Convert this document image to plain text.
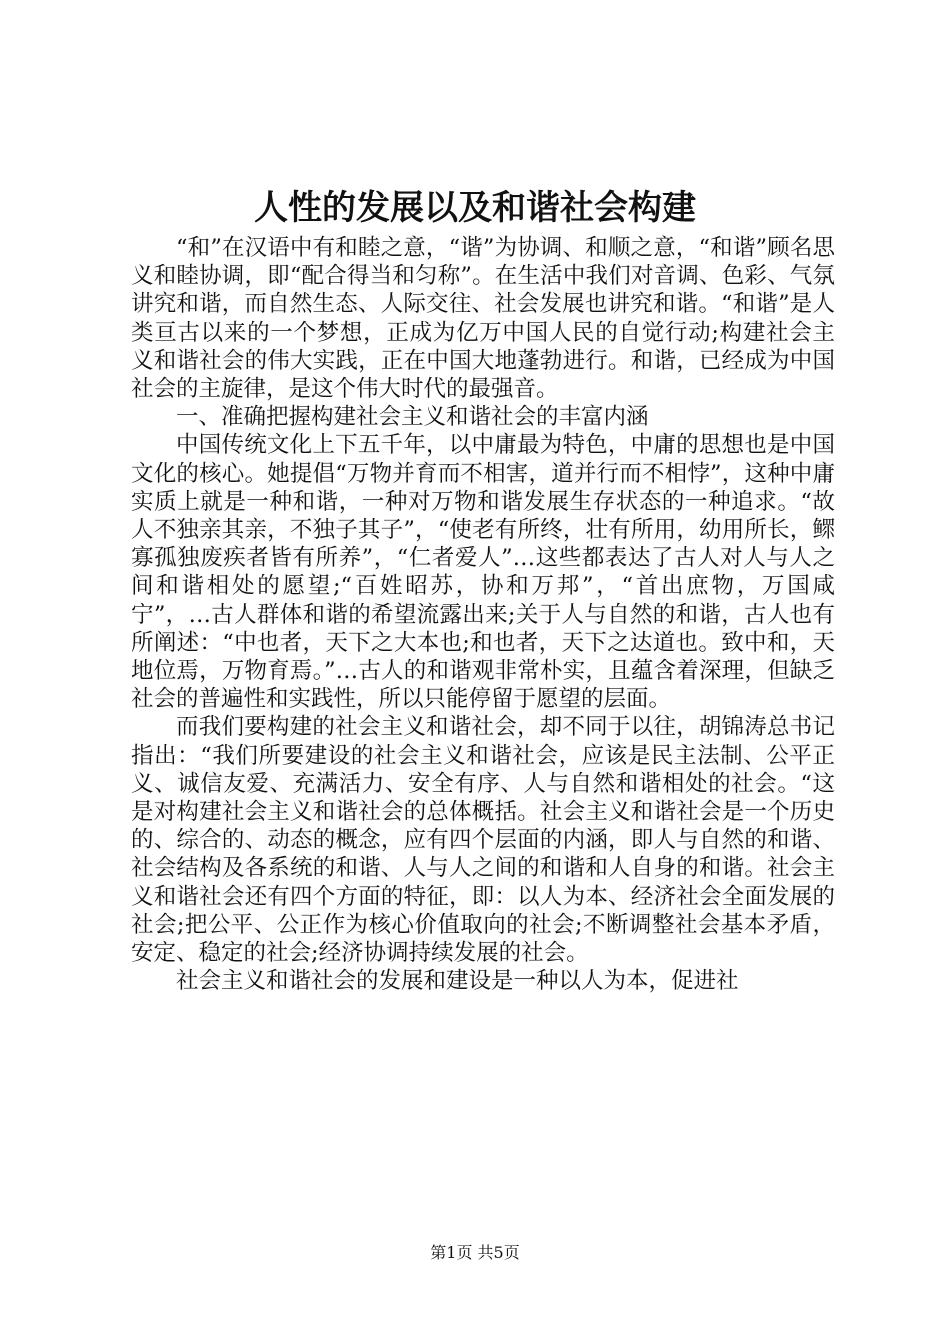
人性的发展以及和谐社会构建

“和”在汉语中有和睦之意，“谐”为协调、和顺之意，“和谐”顾名思义和睦协调，即“配合得当和匀称”。在生活中我们对音调、色彩、气氛讲究和谐，而自然生态、人际交往、社会发展也讲究和谐。“和谐”是人类亘古以来的一个梦想，正成为亿万中国人民的自觉行动;构建社会主义和谐社会的伟大实践，正在中国大地蓬勃进行。和谐，已经成为中国社会的主旋律，是这个伟大时代的最强音。

一、准确把握构建社会主义和谐社会的丰富内涵

中国传统文化上下五千年，以中庸最为特色，中庸的思想也是中国文化的核心。她提倡“万物并育而不相害，道并行而不相悖”，这种中庸实质上就是一种和谐，一种对万物和谐发展生存状态的一种追求。“故人不独亲其亲，不独子其子”，“使老有所终，壮有所用，幼用所长，鳏寡孤独废疾者皆有所养”，“仁者爱人”…这些都表达了古人对人与人之间和谐相处的愿望;“百姓昭苏，协和万邦”，“首出庶物，万国咸宁”，…古人群体和谐的希望流露出来;关于人与自然的和谐，古人也有所阐述：“中也者，天下之大本也;和也者，天下之达道也。致中和，天地位焉，万物育焉。”…古人的和谐观非常朴实，且蕴含着深理，但缺乏社会的普遍性和实践性，所以只能停留于愿望的层面。

而我们要构建的社会主义和谐社会，却不同于以往，胡锦涛总书记指出：“我们所要建设的社会主义和谐社会，应该是民主法制、公平正义、诚信友爱、充满活力、安全有序、人与自然和谐相处的社会。“这是对构建社会主义和谐社会的总体概括。社会主义和谐社会是一个历史的、综合的、动态的概念，应有四个层面的内涵，即人与自然的和谐、社会结构及各系统的和谐、人与人之间的和谐和人自身的和谐。社会主义和谐社会还有四个方面的特征，即：以人为本、经济社会全面发展的社会;把公平、公正作为核心价值取向的社会;不断调整社会基本矛盾，安定、稳定的社会;经济协调持续发展的社会。

社会主义和谐社会的发展和建设是一种以人为本，促进社

第1页 共5页
